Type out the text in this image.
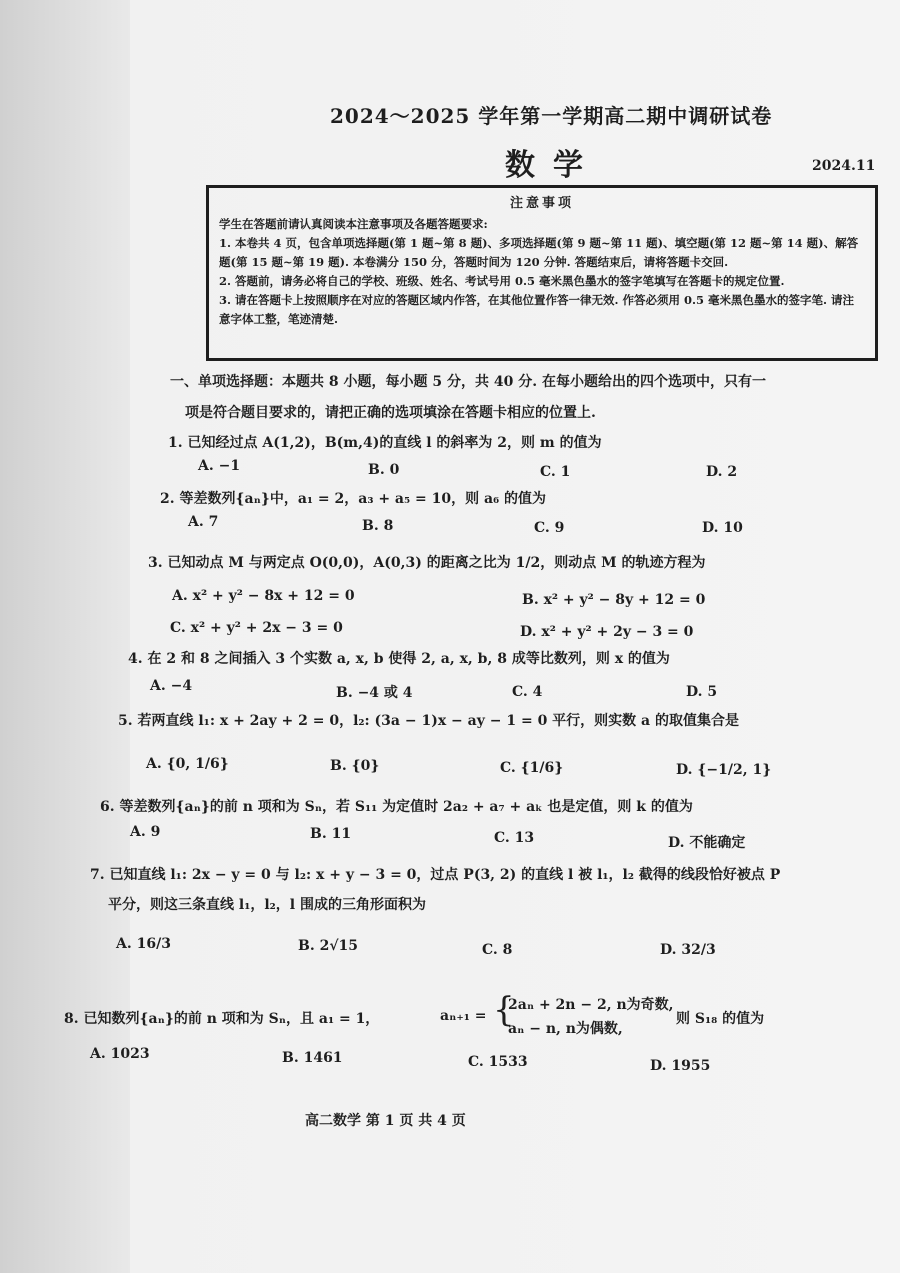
2024～2025 学年第一学期高二期中调研试卷
数学	2024.11
注意事项
学生在答题前请认真阅读本注意事项及各题答题要求:
1. 本卷共 4 页，包含单项选择题(第 1 题~第 8 题)、多项选择题(第 9 题~第 11 题)、填空题(第 12 题~第 14 题)、解答题(第 15 题~第 19 题). 本卷满分 150 分，答题时间为 120 分钟. 答题结束后，请将答题卡交回.
2. 答题前，请务必将自己的学校、班级、姓名、考试号用 0.5 毫米黑色墨水的签字笔填写在答题卡的规定位置.
3. 请在答题卡上按照顺序在对应的答题区域内作答，在其他位置作答一律无效. 作答必须用 0.5 毫米黑色墨水的签字笔. 请注意字体工整，笔迹清楚.
一、单项选择题：本题共 8 小题，每小题 5 分，共 40 分. 在每小题给出的四个选项中，只有一
项是符合题目要求的，请把正确的选项填涂在答题卡相应的位置上.
1. 已知经过点 A(1,2)，B(m,4)的直线 l 的斜率为 2，则 m 的值为
A. −1	B. 0	C. 1	D. 2
2. 等差数列{aₙ}中，a₁ = 2，a₃ + a₅ = 10，则 a₆ 的值为
A. 7	B. 8	C. 9	D. 10
3. 已知动点 M 与两定点 O(0,0)，A(0,3) 的距离之比为 1/2，则动点 M 的轨迹方程为
A. x² + y² − 8x + 12 = 0	B. x² + y² − 8y + 12 = 0
C. x² + y² + 2x − 3 = 0	D. x² + y² + 2y − 3 = 0
4. 在 2 和 8 之间插入 3 个实数 a, x, b 使得 2, a, x, b, 8 成等比数列，则 x 的值为
A. −4	B. −4 或 4	C. 4	D. 5
5. 若两直线 l₁: x + 2ay + 2 = 0，l₂: (3a − 1)x − ay − 1 = 0 平行，则实数 a 的取值集合是
A. {0, 1/6}	B. {0}	C. {1/6}	D. {−1/2, 1}
6. 等差数列{aₙ}的前 n 项和为 Sₙ，若 S₁₁ 为定值时 2a₂ + a₇ + aₖ 也是定值，则 k 的值为
A. 9	B. 11	C. 13	D. 不能确定
7. 已知直线 l₁: 2x − y = 0 与 l₂: x + y − 3 = 0，过点 P(3, 2) 的直线 l 被 l₁，l₂ 截得的线段恰好被点 P
平分，则这三条直线 l₁，l₂，l 围成的三角形面积为
A. 16/3	B. 2√15	C. 8	D. 32/3
8. 已知数列{aₙ}的前 n 项和为 Sₙ，且 a₁ = 1，	aₙ₊₁ = {
2aₙ + 2n − 2, n为奇数,
aₙ − n, n为偶数,
则 S₁₈ 的值为
A. 1023	B. 1461	C. 1533	D. 1955
高二数学 第 1 页 共 4 页
